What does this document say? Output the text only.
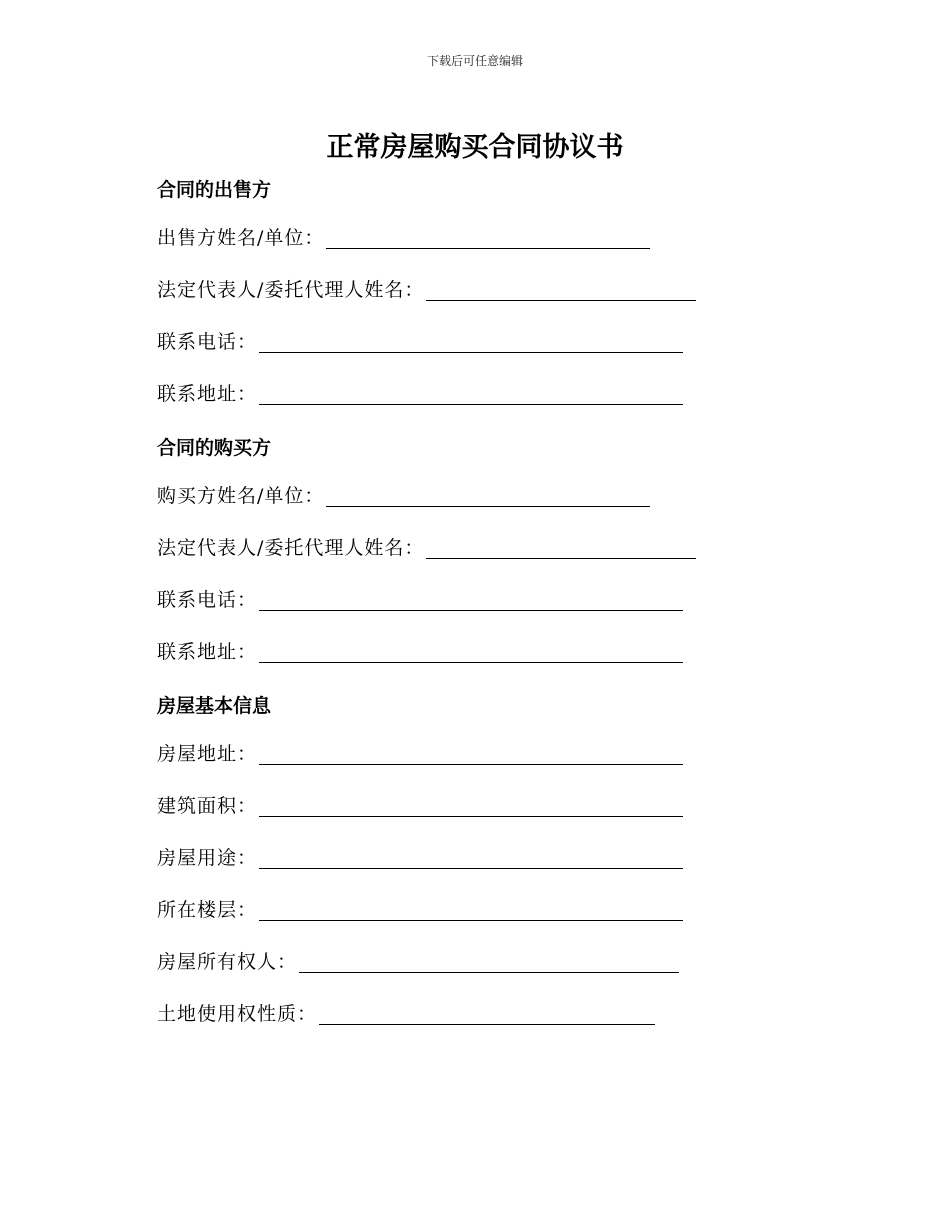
下载后可任意编辑
正常房屋购买合同协议书
合同的出售方
出售方姓名/单位：
法定代表人/委托代理人姓名：
联系电话：
联系地址：
合同的购买方
购买方姓名/单位：
法定代表人/委托代理人姓名：
联系电话：
联系地址：
房屋基本信息
房屋地址：
建筑面积：
房屋用途：
所在楼层：
房屋所有权人：
土地使用权性质：
